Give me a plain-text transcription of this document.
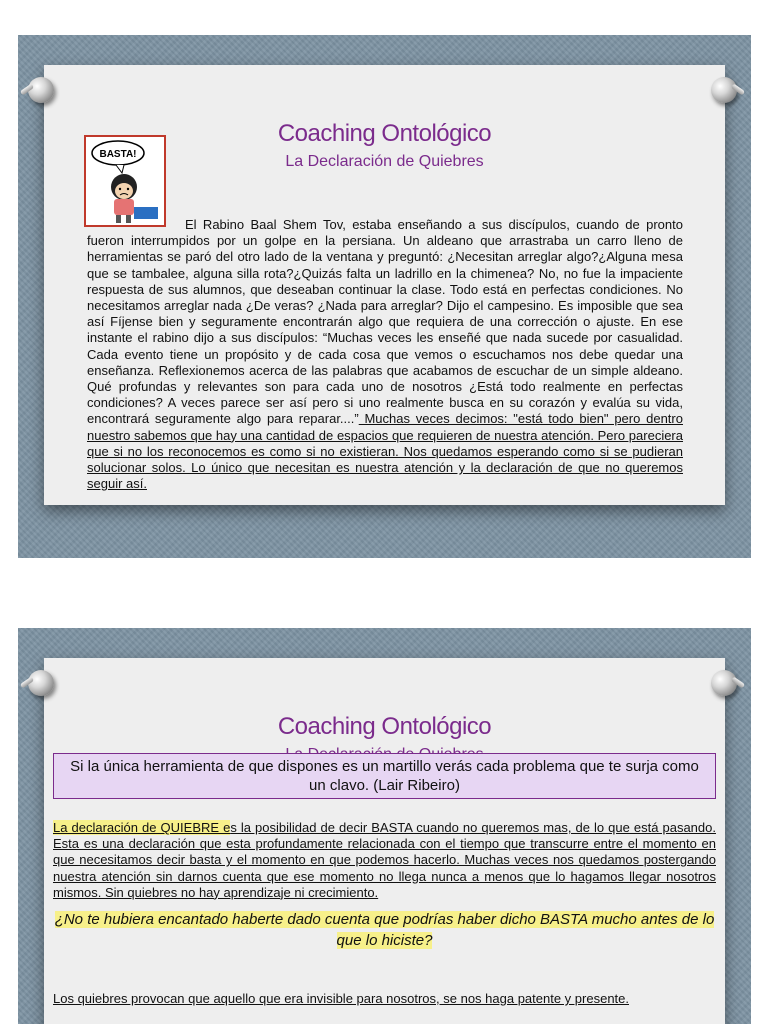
Coaching Ontológico
La Declaración de Quiebres
BASTA!
El Rabino Baal Shem Tov, estaba enseñando a sus discípulos, cuando de pronto fueron interrumpidos por un golpe en la persiana. Un aldeano que arrastraba un carro lleno de herramientas se paró del otro lado de la ventana y preguntó: ¿Necesitan arreglar algo?¿Alguna mesa que se tambalee, alguna silla rota?¿Quizás falta un ladrillo en la chimenea? No, no fue la impaciente respuesta de sus alumnos, que deseaban continuar la clase. Todo está en perfectas condiciones. No necesitamos arreglar nada ¿De veras? ¿Nada para arreglar? Dijo el campesino. Es imposible que sea así Fíjense bien y seguramente encontrarán algo que requiera de una corrección o ajuste. En ese instante el rabino dijo a sus discípulos: “Muchas veces les enseñé que nada sucede por casualidad. Cada evento tiene un propósito y de cada cosa que vemos o escuchamos nos debe quedar una enseñanza. Reflexionemos acerca de las palabras que acabamos de escuchar de un simple aldeano. Qué profundas y relevantes son para cada uno de nosotros ¿Está todo realmente en perfectas condiciones? A veces parece ser así pero si uno realmente busca en su corazón y evalúa su vida, encontrará seguramente algo para reparar....” Muchas veces decimos: "está todo bien" pero dentro nuestro sabemos que hay una cantidad de espacios que requieren de nuestra atención. Pero pareciera que si no los reconocemos es como si no existieran. Nos quedamos esperando como si se pudieran solucionar solos. Lo único que necesitan es nuestra atención y la declaración de que no queremos seguir así.
Coaching Ontológico
Si la única herramienta de que dispones es un martillo verás cada problema que te surja como un clavo. (Lair Ribeiro)
La declaración de QUIEBRE es la posibilidad de decir BASTA cuando no queremos mas, de lo que está pasando. Esta es una declaración que esta profundamente relacionada con el tiempo que transcurre entre el momento en que necesitamos decir basta y el momento en que podemos hacerlo. Muchas veces nos quedamos postergando nuestra atención sin darnos cuenta que ese momento no llega nunca a menos que lo hagamos llegar nosotros mismos. Sin quiebres no hay aprendizaje ni crecimiento.
¿No te hubiera encantado haberte dado cuenta que podrías haber dicho BASTA mucho antes de lo que lo hiciste?
Los quiebres provocan que aquello que era invisible para nosotros, se nos haga patente y presente.
